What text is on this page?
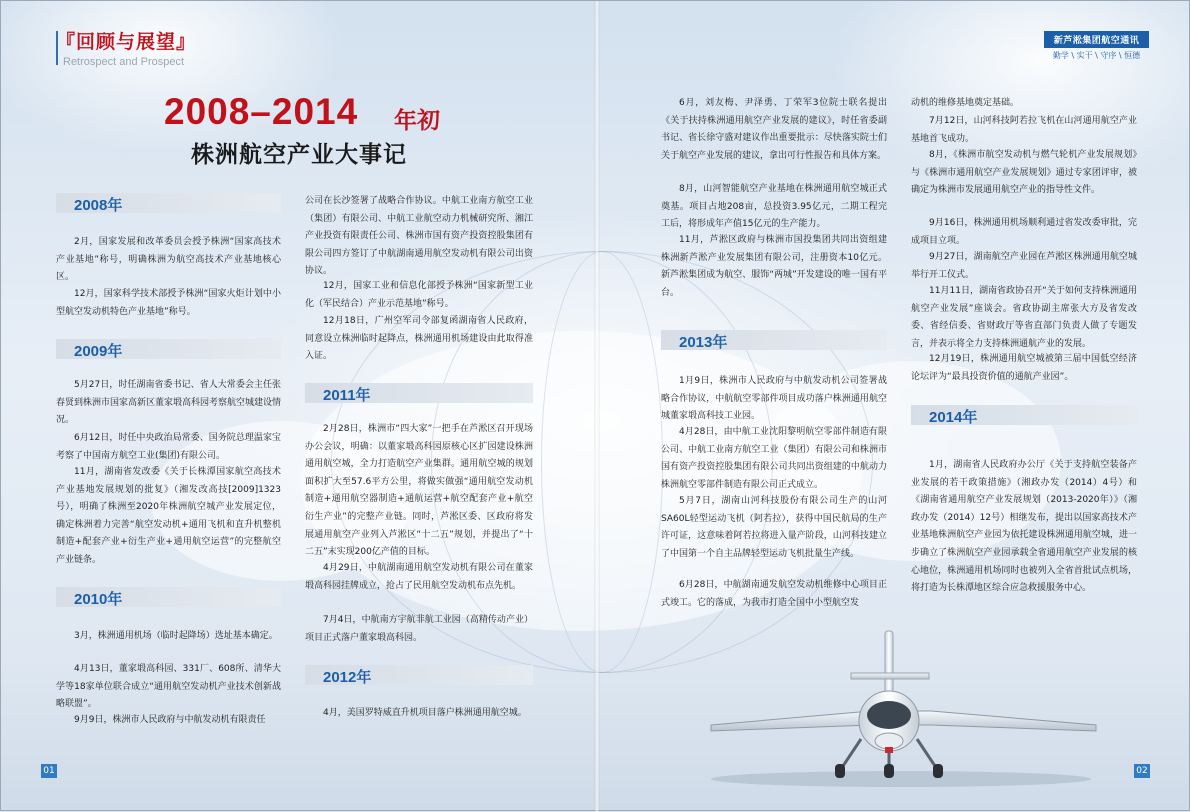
『回顾与展望』
Retrospect and Prospect
新芦淞集团航空通讯
勤学 \ 实干 \ 守序 \ 恒德
2008–2014 年初
株洲航空产业大事记
2008年

2月，国家发展和改革委员会授予株洲“国家高技术产业基地”称号，明确株洲为航空高技术产业基地核心区。

12月，国家科学技术部授予株洲“国家火炬计划中小型航空发动机特色产业基地”称号。

2009年

5月27日，时任湖南省委书记、省人大常委会主任张春贤到株洲市国家高新区董家塅高科园考察航空城建设情况。

6月12日，时任中央政治局常委、国务院总理温家宝考察了中国南方航空工业(集团)有限公司。

11月，湖南省发改委《关于长株潭国家航空高技术产业基地发展规划的批复》（湘发改高技[2009]1323号），明确了株洲至2020年株洲航空城产业发展定位，确定株洲着力完善“航空发动机+通用飞机和直升机整机制造+配套产业+衍生产业+通用航空运营”的完整航空产业链条。

2010年

3月，株洲通用机场（临时起降场）选址基本确定。

4月13日，董家塅高科园、331厂、608所、清华大学等18家单位联合成立“通用航空发动机产业技术创新战略联盟”。

9月9日，株洲市人民政府与中航发动机有限责任

公司在长沙签署了战略合作协议。中航工业南方航空工业（集团）有限公司、中航工业航空动力机械研究所、湘江产业投资有限责任公司、株洲市国有资产投资控股集团有限公司四方签订了中航湖南通用航空发动机有限公司出资协议。

12月，国家工业和信息化部授予株洲“国家新型工业化（军民结合）产业示范基地”称号。

12月18日，广州空军司令部复函湖南省人民政府，同意设立株洲临时起降点，株洲通用机场建设由此取得准入证。

2011年

2月28日，株洲市“四大家”一把手在芦淞区召开现场办公会议，明确：以董家塅高科园原核心区扩园建设株洲通用航空城，全力打造航空产业集群。通用航空城的规划面积扩大至57.6平方公里，将做实做强“通用航空发动机制造+通用航空器制造+通航运营+航空配套产业+航空衍生产业”的完整产业链。同时，芦淞区委、区政府将发展通用航空产业列入芦淞区“十二五”规划，并提出了“十二五”末实现200亿产值的目标。

4月29日，中航湖南通用航空发动机有限公司在董家塅高科园挂牌成立，抢占了民用航空发动机布点先机。

7月4日，中航南方宇航非航工业园（高精传动产业）项目正式落户董家塅高科园。

2012年

4月，美国罗特威直升机项目落户株洲通用航空城。

6月，刘友梅、尹泽勇、丁荣军3位院士联名提出《关于扶持株洲通用航空产业发展的建议》，时任省委副书记、省长徐守盛对建议作出重要批示：尽快落实院士们关于航空产业发展的建议，拿出可行性报告和具体方案。

8月，山河智能航空产业基地在株洲通用航空城正式奠基。项目占地208亩，总投资3.95亿元，二期工程完工后，将形成年产值15亿元的生产能力。

11月，芦淞区政府与株洲市国投集团共同出资组建株洲新芦淞产业发展集团有限公司，注册资本10亿元。新芦淞集团成为航空、服饰“两城”开发建设的唯一国有平台。

2013年

1月9日，株洲市人民政府与中航发动机公司签署战略合作协议，中航航空零部件项目成功落户株洲通用航空城董家塅高科技工业园。

4月28日，由中航工业沈阳黎明航空零部件制造有限公司、中航工业南方航空工业（集团）有限公司和株洲市国有资产投资控股集团有限公司共同出资组建的中航动力株洲航空零部件制造有限公司正式成立。

5月7日，湖南山河科技股份有限公司生产的山河SA60L轻型运动飞机（阿若拉），获得中国民航局的生产许可证，这意味着阿若拉将进入量产阶段，山河科技建立了中国第一个自主品牌轻型运动飞机批量生产线。

6月28日，中航湖南通发航空发动机维修中心项目正式竣工。它的落成，为我市打造全国中小型航空发

动机的维修基地奠定基础。

7月12日，山河科技阿若拉飞机在山河通用航空产业基地首飞成功。

8月，《株洲市航空发动机与燃气轮机产业发展规划》与《株洲市通用航空产业发展规划》通过专家团评审，被确定为株洲市发展通用航空产业的指导性文件。

9月16日，株洲通用机场顺利通过省发改委审批，完成项目立项。

9月27日，湖南航空产业园在芦淞区株洲通用航空城举行开工仪式。

11月11日，湖南省政协召开“关于如何支持株洲通用航空产业发展”座谈会。省政协副主席张大方及省发改委、省经信委、省财政厅等省直部门负责人做了专题发言，并表示将全力支持株洲通航产业的发展。

12月19日，株洲通用航空城被第三届中国低空经济论坛评为“最具投资价值的通航产业园”。

2014年

1月，湖南省人民政府办公厅《关于支持航空装备产业发展的若干政策措施》（湘政办发（2014）4号）和《湖南省通用航空产业发展规划（2013-2020年）》（湘政办发（2014）12号）相继发布，提出以国家高技术产业基地株洲航空产业园为依托建设株洲通用航空城，进一步确立了株洲航空产业园承载全省通用航空产业发展的核心地位，株洲通用机场同时也被列入全省首批试点机场，将打造为长株潭地区综合应急救援服务中心。

01	02
